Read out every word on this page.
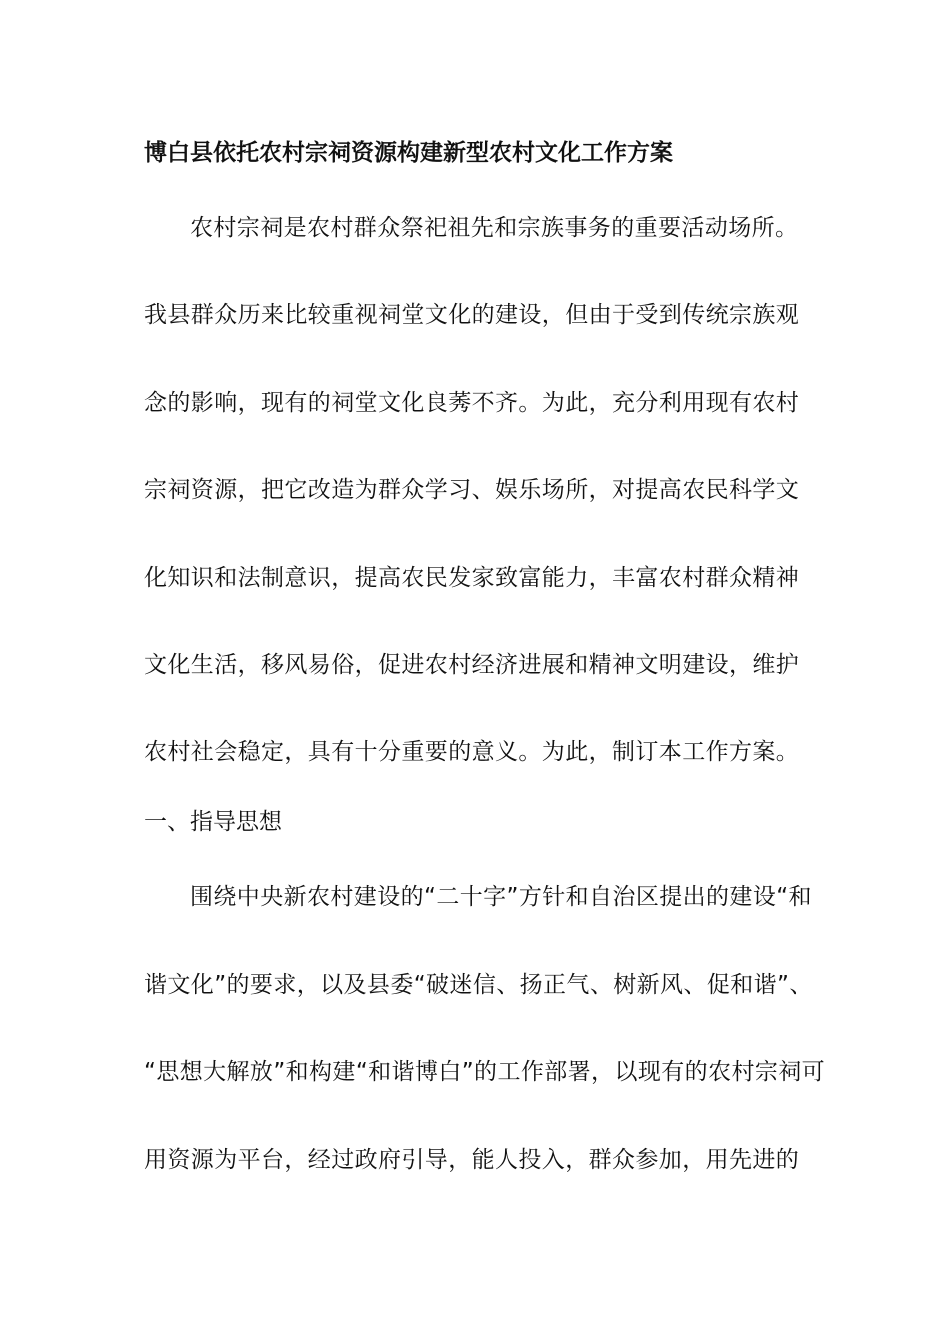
博白县依托农村宗祠资源构建新型农村文化工作方案
农村宗祠是农村群众祭祀祖先和宗族事务的重要活动场所。
我县群众历来比较重视祠堂文化的建设，但由于受到传统宗族观
念的影响，现有的祠堂文化良莠不齐。为此，充分利用现有农村
宗祠资源，把它改造为群众学习、娱乐场所，对提高农民科学文
化知识和法制意识，提高农民发家致富能力，丰富农村群众精神
文化生活，移风易俗，促进农村经济进展和精神文明建设，维护
农村社会稳定，具有十分重要的意义。为此，制订本工作方案。
一、指导思想
围绕中央新农村建设的“二十字”方针和自治区提出的建设“和
谐文化”的要求，以及县委“破迷信、扬正气、树新风、促和谐”、
“思想大解放”和构建“和谐博白”的工作部署，以现有的农村宗祠可
用资源为平台，经过政府引导，能人投入，群众参加，用先进的
